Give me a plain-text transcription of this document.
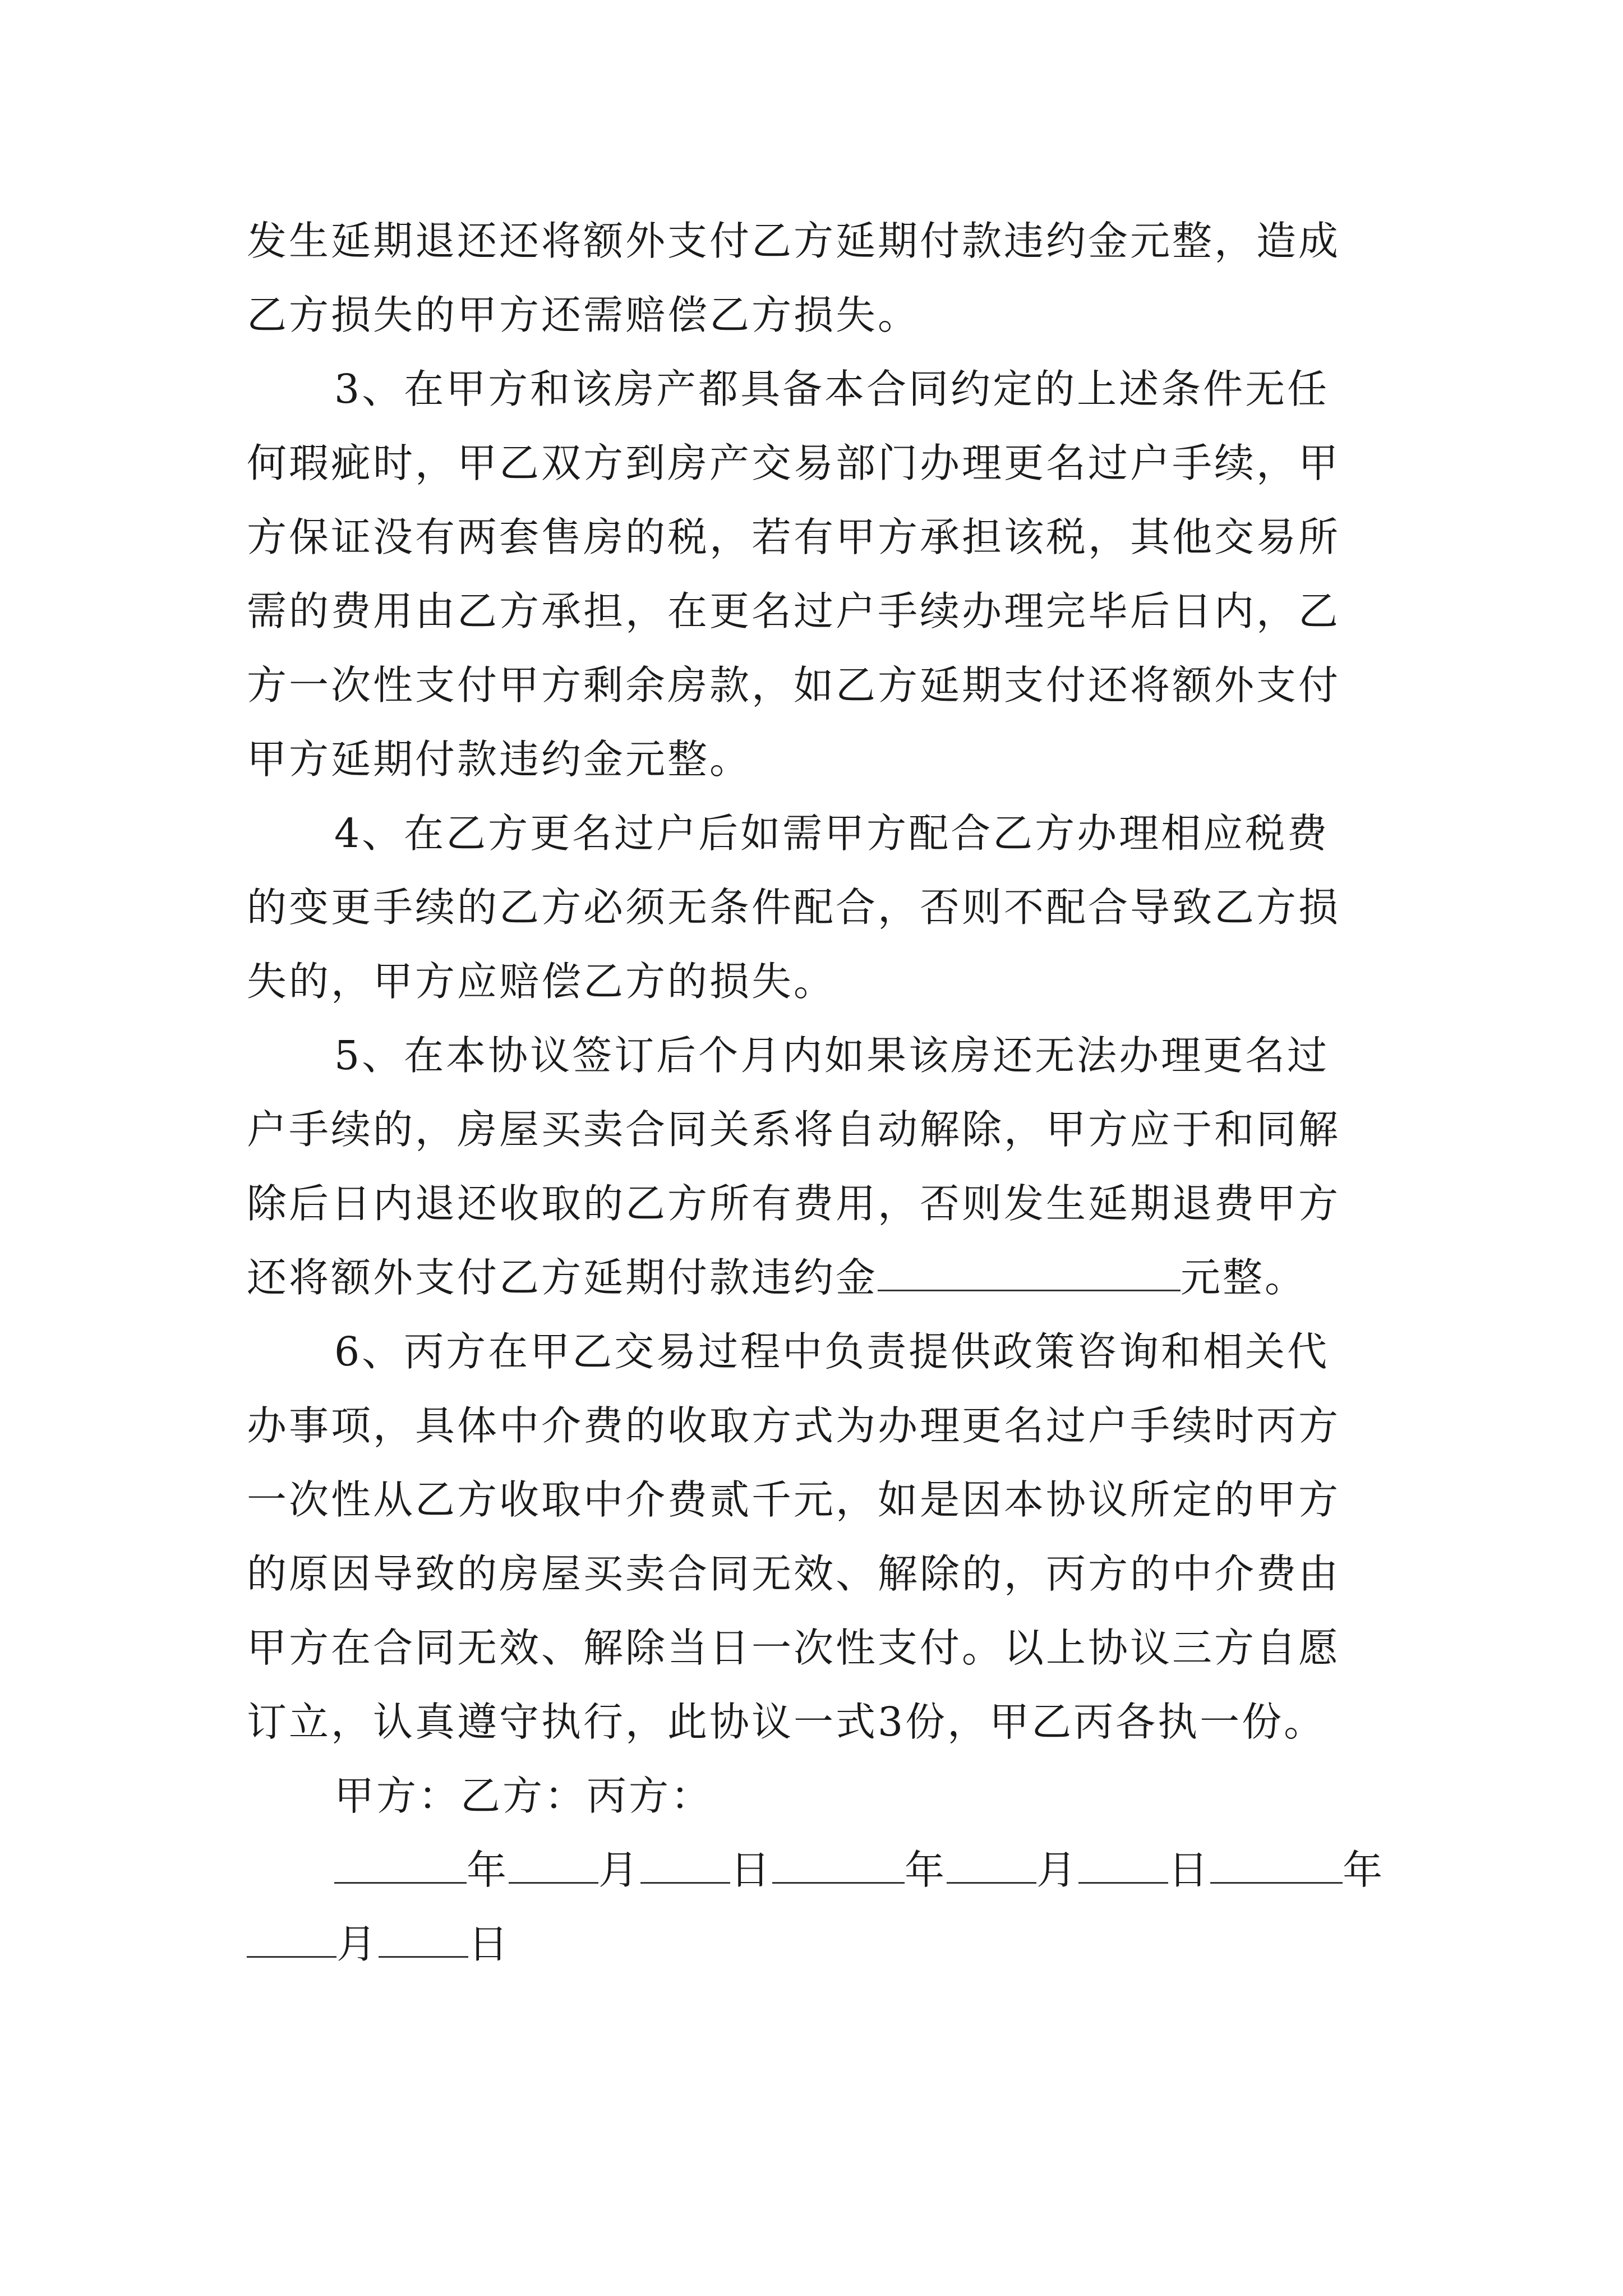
发生延期退还还将额外支付乙方延期付款违约金元整，造成
乙方损失的甲方还需赔偿乙方损失。
3、在甲方和该房产都具备本合同约定的上述条件无任
何瑕疵时，甲乙双方到房产交易部门办理更名过户手续，甲
方保证没有两套售房的税，若有甲方承担该税，其他交易所
需的费用由乙方承担，在更名过户手续办理完毕后日内，乙
方一次性支付甲方剩余房款，如乙方延期支付还将额外支付
甲方延期付款违约金元整。
4、在乙方更名过户后如需甲方配合乙方办理相应税费
的变更手续的乙方必须无条件配合，否则不配合导致乙方损
失的，甲方应赔偿乙方的损失。
5、在本协议签订后个月内如果该房还无法办理更名过
户手续的，房屋买卖合同关系将自动解除，甲方应于和同解
除后日内退还收取的乙方所有费用，否则发生延期退费甲方
还将额外支付乙方延期付款违约金	元整。
6、丙方在甲乙交易过程中负责提供政策咨询和相关代
办事项，具体中介费的收取方式为办理更名过户手续时丙方
一次性从乙方收取中介费贰千元，如是因本协议所定的甲方
的原因导致的房屋买卖合同无效、解除的，丙方的中介费由
甲方在合同无效、解除当日一次性支付。以上协议三方自愿
订立，认真遵守执行，此协议一式3份，甲乙丙各执一份。
甲方：乙方：丙方：
年 月 日	年 月 日	年
月 日
